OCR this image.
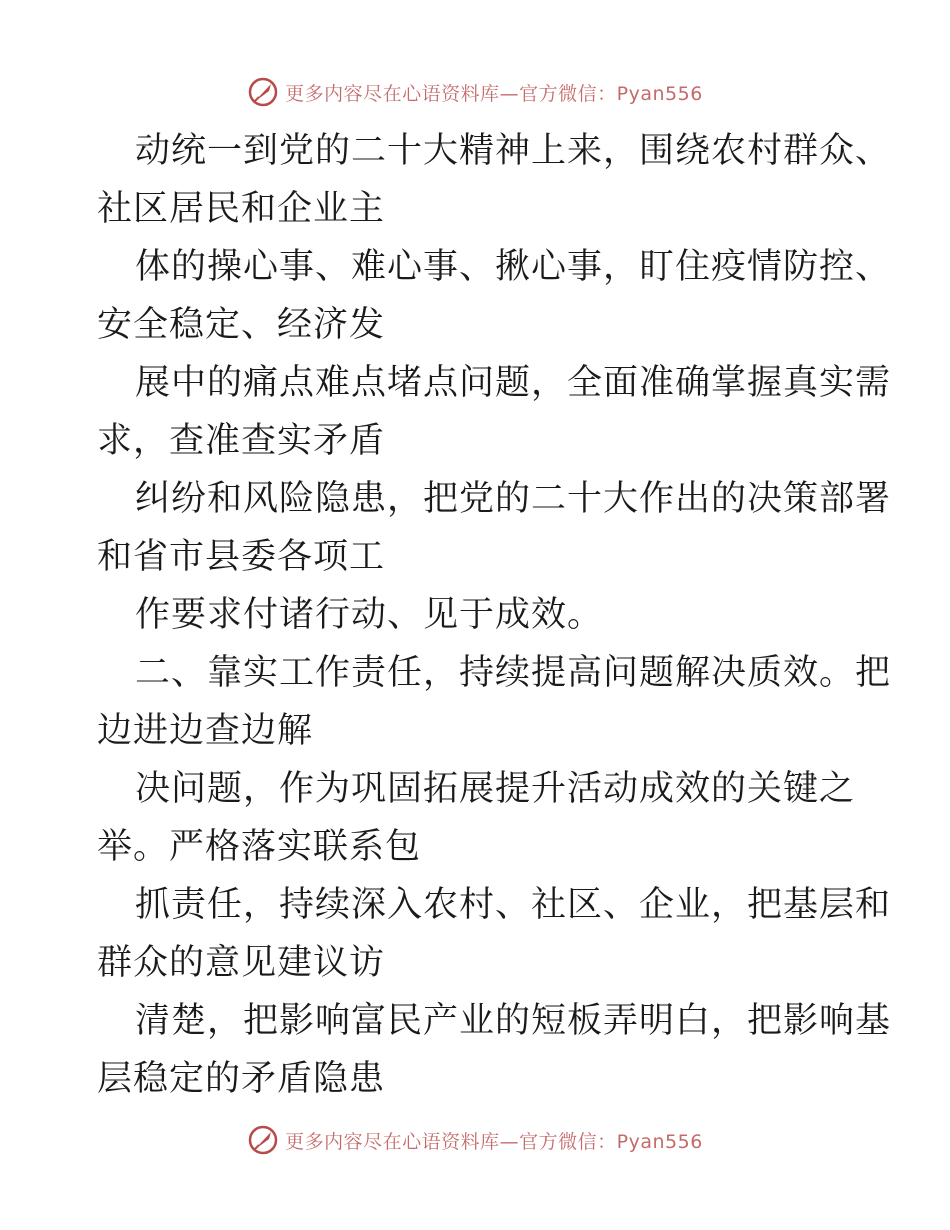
更多内容尽在心语资料库—官方微信：Pyan556
动统一到党的二十大精神上来，围绕农村群众、
社区居民和企业主
体的操心事、难心事、揪心事，盯住疫情防控、
安全稳定、经济发
展中的痛点难点堵点问题，全面准确掌握真实需
求，查准查实矛盾
纠纷和风险隐患，把党的二十大作出的决策部署
和省市县委各项工
作要求付诸行动、见于成效。
二、靠实工作责任，持续提高问题解决质效。把
边进边查边解
决问题，作为巩固拓展提升活动成效的关键之
举。严格落实联系包
抓责任，持续深入农村、社区、企业，把基层和
群众的意见建议访
清楚，把影响富民产业的短板弄明白，把影响基
层稳定的矛盾隐患
更多内容尽在心语资料库—官方微信：Pyan556
